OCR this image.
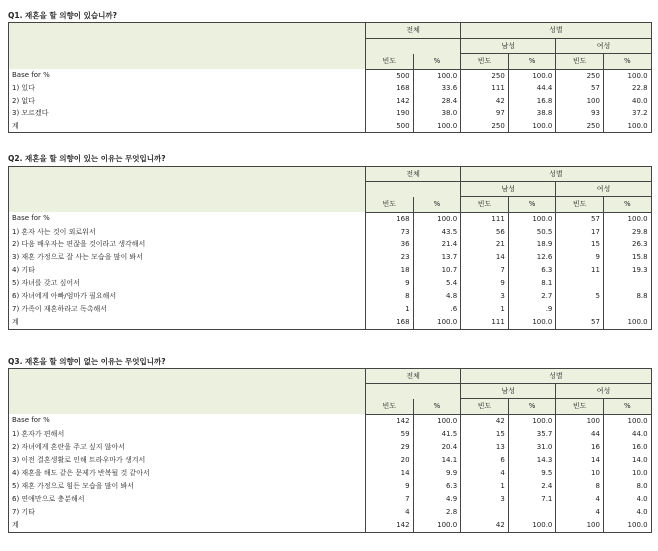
Q1. 재혼을 할 의향이 있습니까?
	전체		성별			
			남성		여성	
	빈도	%	빈도	%	빈도	%
Base for %	500	100.0	250	100.0	250	100.0
1) 있다	168	33.6	111	44.4	57	22.8
2) 없다	142	28.4	42	16.8	100	40.0
3) 모르겠다	190	38.0	97	38.8	93	37.2
계	500	100.0	250	100.0	250	100.0
Q2. 재혼을 할 의향이 있는 이유는 무엇입니까?
	전체		성별			
			남성		여성	
	빈도	%	빈도	%	빈도	%
Base for %	168	100.0	111	100.0	57	100.0
1) 혼자 사는 것이 외로워서	73	43.5	56	50.5	17	29.8
2) 다음 배우자는 편잖을 것이라고 생각해서	36	21.4	21	18.9	15	26.3
3) 재혼 가정으로 잘 사는 모습을 많이 봐서	23	13.7	14	12.6	9	15.8
4) 기타	18	10.7	7	6.3	11	19.3
5) 자녀를 갖고 싶어서	9	5.4	9	8.1		
6) 자녀에게 아빠/엄마가 필요해서	8	4.8	3	2.7	5	8.8
7) 가족이 재혼하라고 독촉해서	1	.6	1	.9		
계	168	100.0	111	100.0	57	100.0
Q3. 재혼을 할 의향이 없는 이유는 무엇입니까?
	전체		성별			
			남성		여성	
	빈도	%	빈도	%	빈도	%
Base for %	142	100.0	42	100.0	100	100.0
1) 혼자가 편해서	59	41.5	15	35.7	44	44.0
2) 자녀에게 혼란을 주고 싶지 않아서	29	20.4	13	31.0	16	16.0
3) 이전 결혼생활로 인해 트라우마가 생겨서	20	14.1	6	14.3	14	14.0
4) 재혼을 해도 같은 문제가 반복될 것 같아서	14	9.9	4	9.5	10	10.0
5) 재혼 가정으로 힘든 모습을 많이 봐서	9	6.3	1	2.4	8	8.0
6) 연애만으로 충분해서	7	4.9	3	7.1	4	4.0
7) 기타	4	2.8			4	4.0
계	142	100.0	42	100.0	100	100.0
